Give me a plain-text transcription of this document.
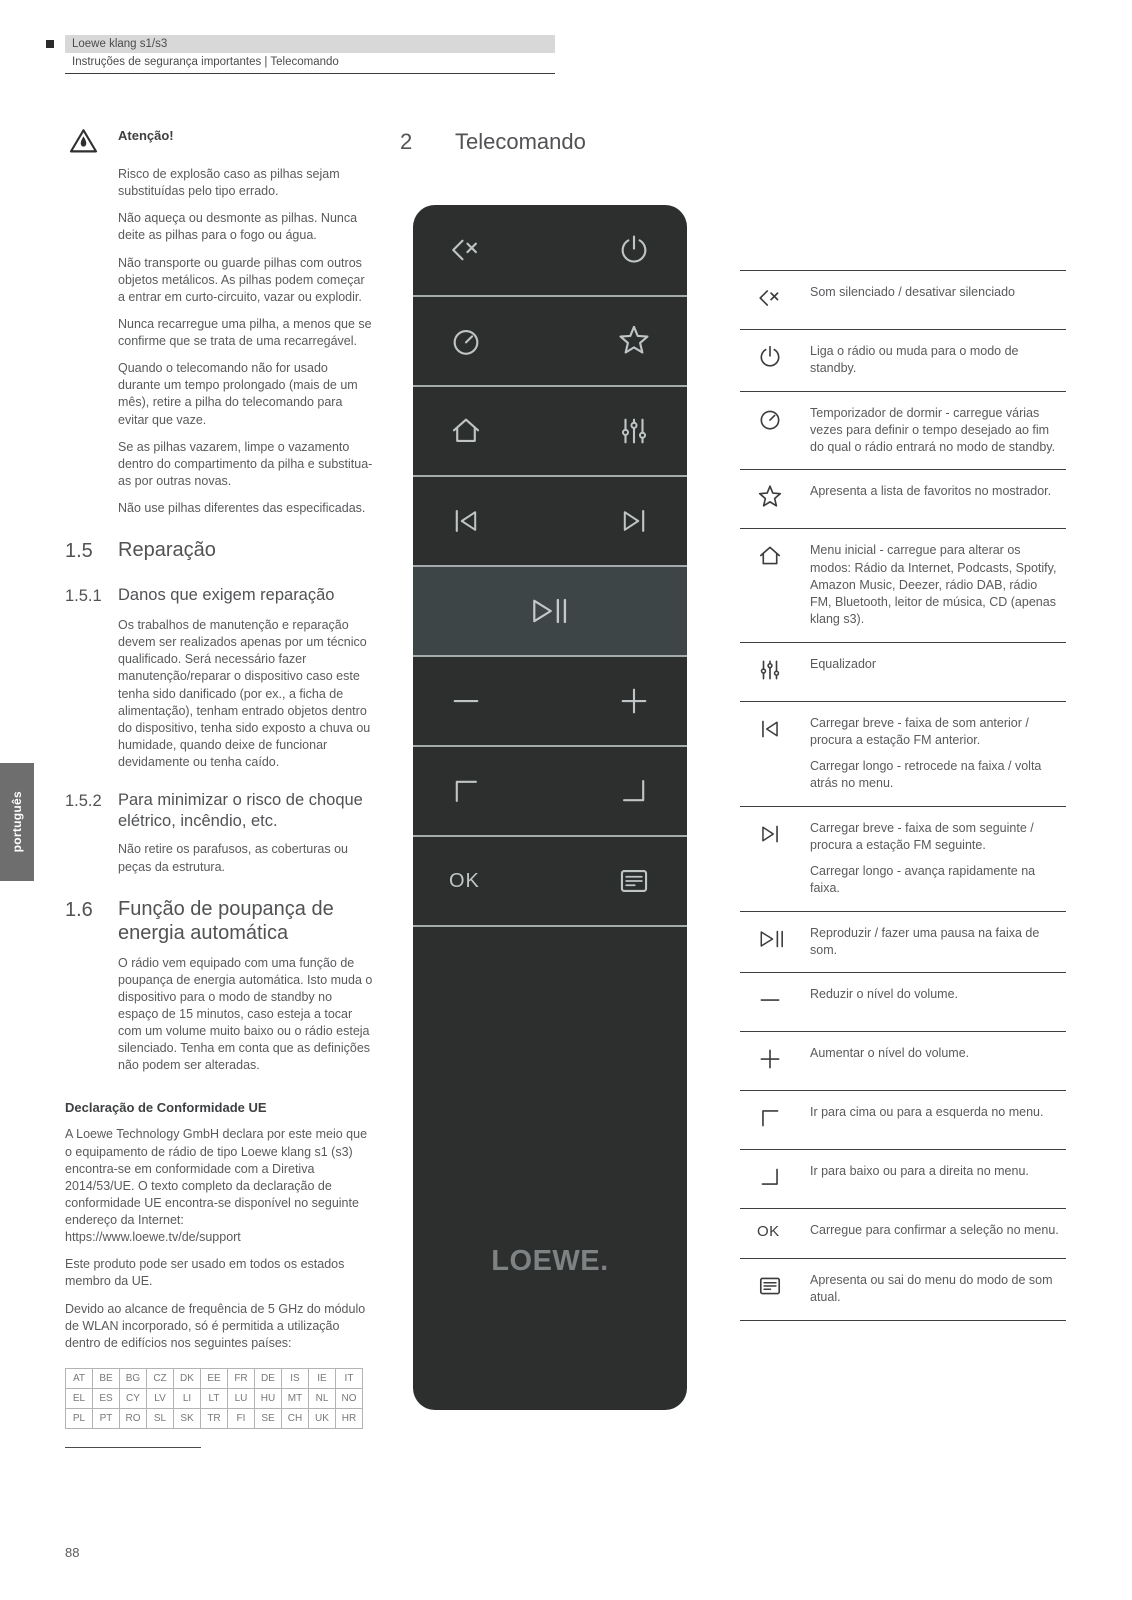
Loewe klang s1/s3
Instruções de segurança importantes | Telecomando
Atenção!

Risco de explosão caso as pilhas sejam substituídas pelo tipo errado.

Não aqueça ou desmonte as pilhas. Nunca deite as pilhas para o fogo ou água.

Não transporte ou guarde pilhas com outros objetos metálicos. As pilhas podem começar a entrar em curto-circuito, vazar ou explodir.

Nunca recarregue uma pilha, a menos que se confirme que se trata de uma recarregável.

Quando o telecomando não for usado durante um tempo prolongado (mais de um mês), retire a pilha do telecomando para evitar que vaze.

Se as pilhas vazarem, limpe o vazamento dentro do compartimento da pilha e substitua-as por outras novas.

Não use pilhas diferentes das especificadas.

1.5	Reparação
1.5.1 Danos que exigem reparação

Os trabalhos de manutenção e reparação devem ser realizados apenas por um técnico qualificado. Será necessário fazer manutenção/reparar o dispositivo caso este tenha sido danificado (por ex., a ficha de alimentação), tenham entrado objetos dentro do dispositivo, tenha sido exposto a chuva ou humidade, quando deixe de funcionar devidamente ou tenha caído.

1.5.2 Para minimizar o risco de choque elétrico, incêndio, etc.

Não retire os parafusos, as coberturas ou peças da estrutura.

1.6	Função de poupança de energia automática

O rádio vem equipado com uma função de poupança de energia automática. Isto muda o dispositivo para o modo de standby no espaço de 15 minutos, caso esteja a tocar com um volume muito baixo ou o rádio esteja silenciado. Tenha em conta que as definições não podem ser alteradas.

Declaração de Conformidade UE

A Loewe Technology GmbH declara por este meio que o equipamento de rádio de tipo Loewe klang s1 (s3) encontra-se em conformidade com a Diretiva 2014/53/UE. O texto completo da declaração de conformidade UE encontra-se disponível no seguinte endereço da Internet:
https://www.loewe.tv/de/support

Este produto pode ser usado em todos os estados membro da UE.

Devido ao alcance de frequência de 5 GHz do módulo de WLAN incorporado, só é permitida a utilização dentro de edifícios nos seguintes países:

AT	BE	BG	CZ	DK	EE	FR	DE	IS	IE	IT
EL	ES	CY	LV	LI	LT	LU	HU	MT	NL	NO
PL	PT	RO	SL	SK	TR	FI	SE	CH	UK	HR
2	Telecomando
OK
LOEWE.

Som silenciado / desativar silenciado

Liga o rádio ou muda para o modo de standby.

Temporizador de dormir - carregue várias vezes para definir o tempo desejado ao fim do qual o rádio entrará no modo de standby.

Apresenta a lista de favoritos no mostrador.

Menu inicial - carregue para alterar os modos: Rádio da Internet, Podcasts, Spotify, Amazon Music, Deezer, rádio DAB, rádio FM, Bluetooth, leitor de música, CD (apenas klang s3).

Equalizador

Carregar breve - faixa de som anterior / procura a estação FM anterior.

Carregar longo - retrocede na faixa / volta atrás no menu.

Carregar breve - faixa de som seguinte / procura a estação FM seguinte.

Carregar longo - avança rapidamente na faixa.

Reproduzir / fazer uma pausa na faixa de som.

Reduzir o nível do volume.

Aumentar o nível do volume.

Ir para cima ou para a esquerda no menu.

Ir para baixo ou para a direita no menu.

OK	Carregue para confirmar a seleção no menu.

Apresenta ou sai do menu do modo de som atual.

português
88
